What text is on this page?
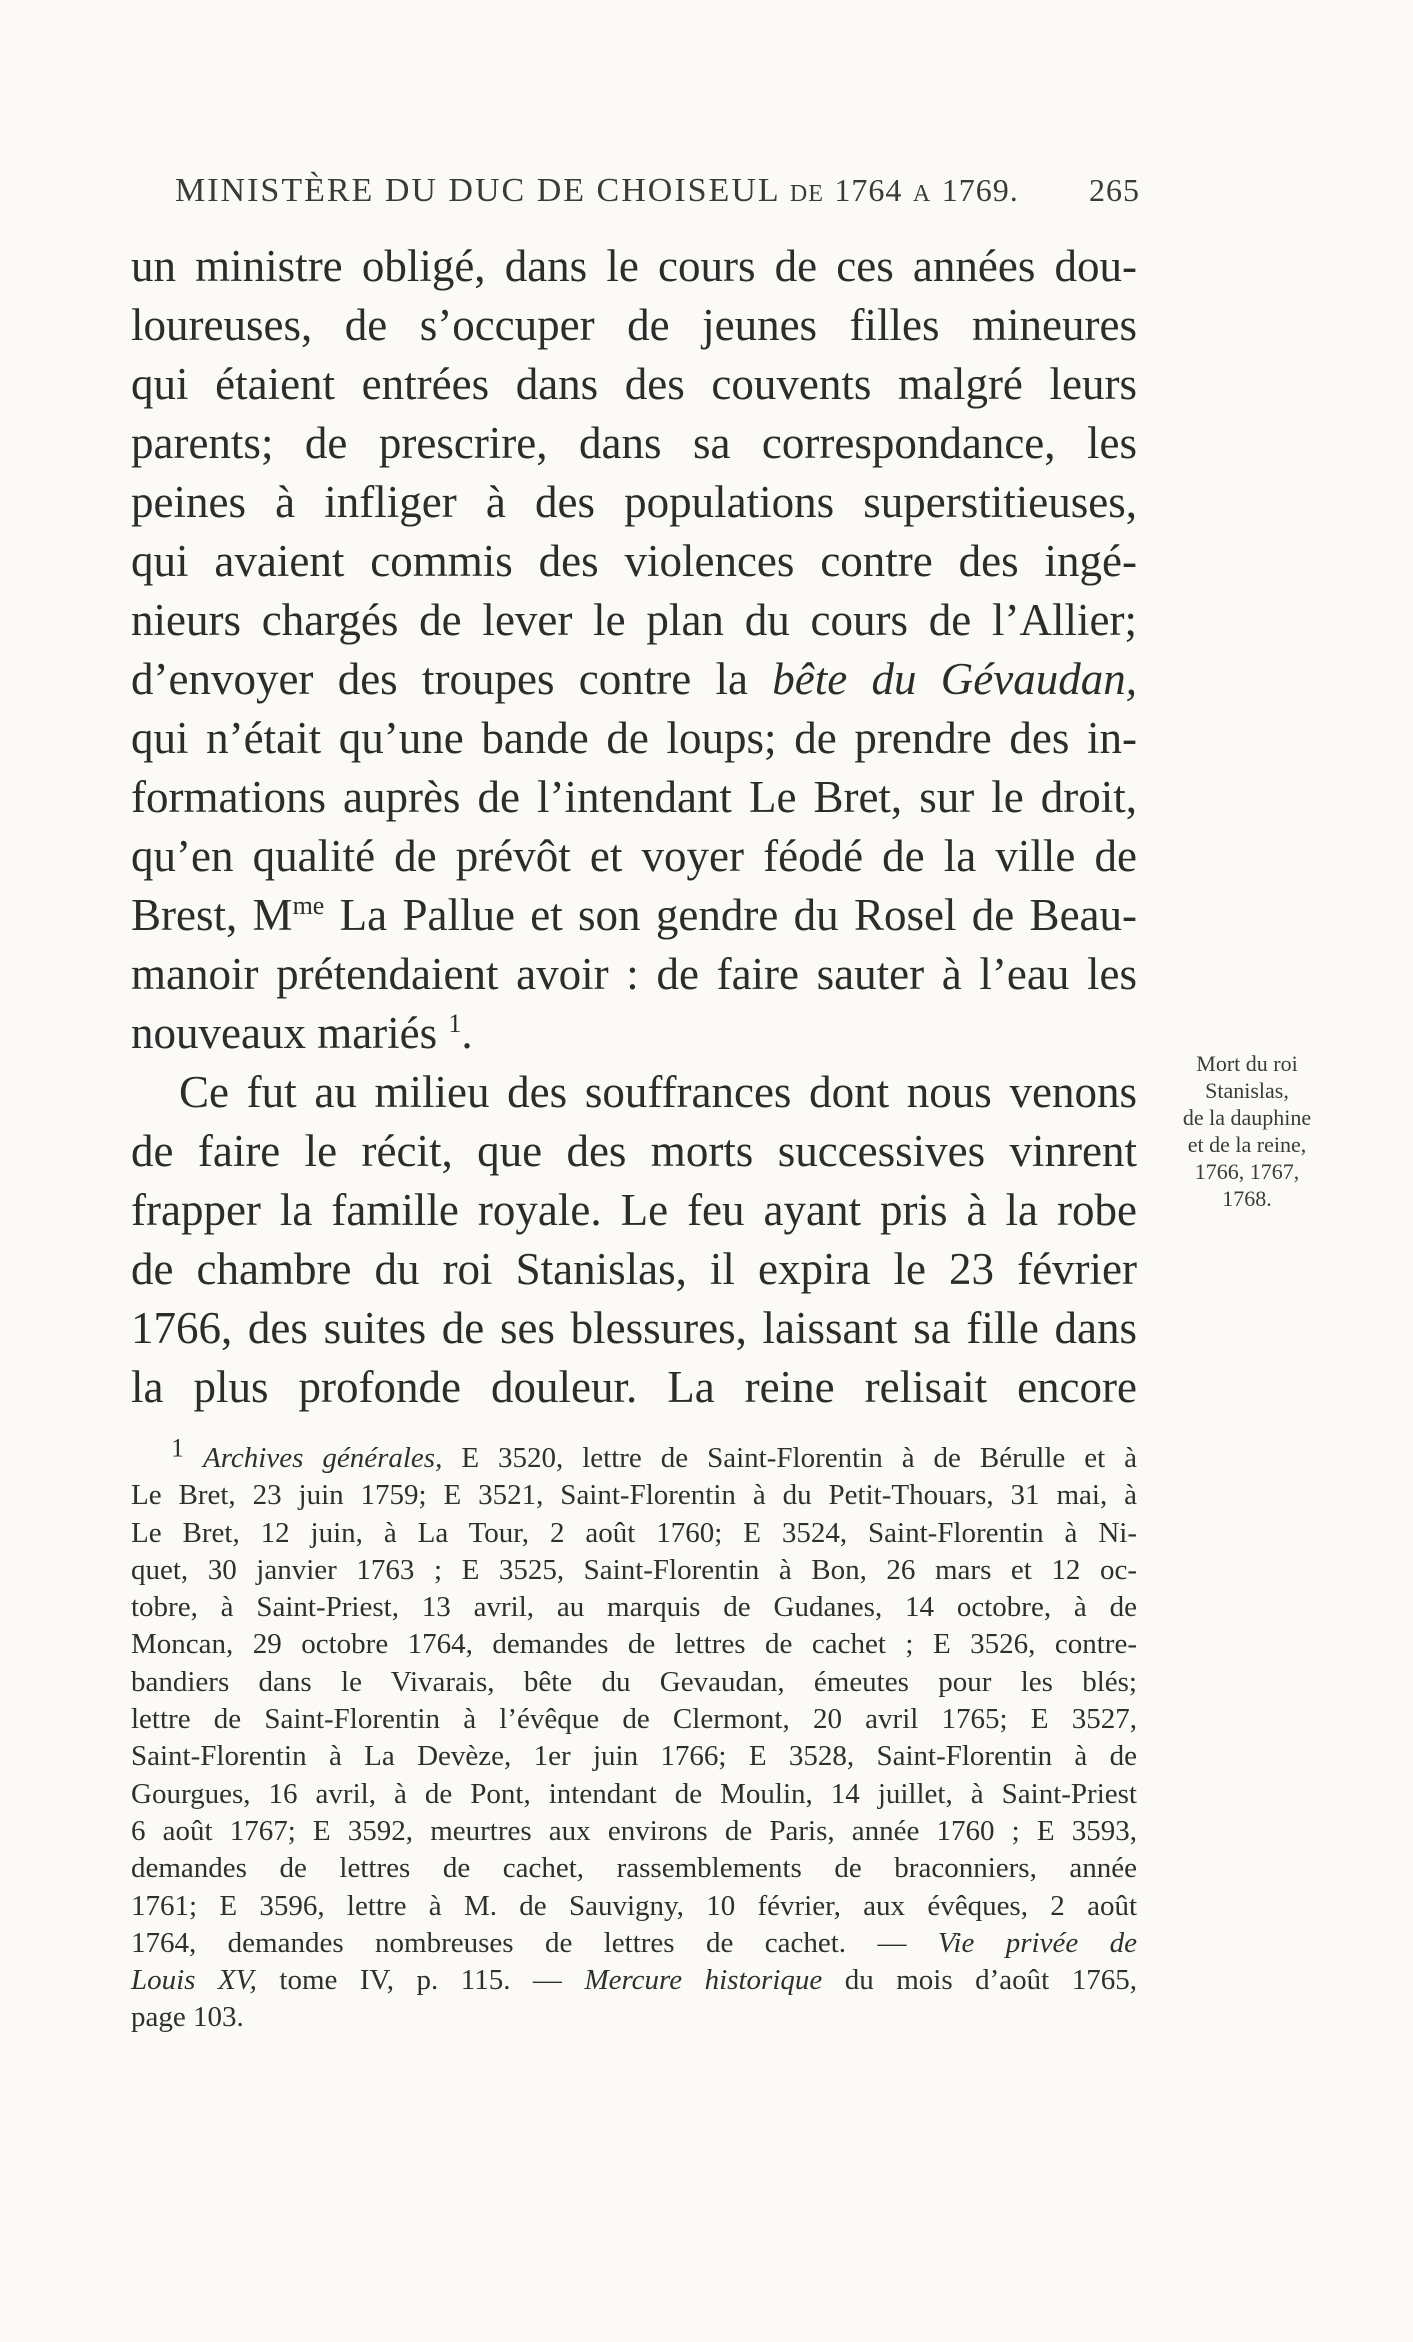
MINISTÈRE DU DUC DE CHOISEUL DE 1764 A 1769. 265
un ministre obligé, dans le cours de ces années dou-
loureuses, de s’occuper de jeunes filles mineures
qui étaient entrées dans des couvents malgré leurs
parents; de prescrire, dans sa correspondance, les
peines à infliger à des populations superstitieuses,
qui avaient commis des violences contre des ingé-
nieurs chargés de lever le plan du cours de l’Allier;
d’envoyer des troupes contre la bête du Gévaudan,
qui n’était qu’une bande de loups; de prendre des in-
formations auprès de l’intendant Le Bret, sur le droit,
qu’en qualité de prévôt et voyer féodé de la ville de
Brest, $M^{me}$ La Pallue et son gendre du Rosel de Beau-
manoir prétendaient avoir : de faire sauter à l’eau les
nouveaux mariés $^1$.
Ce fut au milieu des souffrances dont nous venons
de faire le récit, que des morts successives vinrent
frapper la famille royale. Le feu ayant pris à la robe
de chambre du roi Stanislas, il expira le 23 février
1766, des suites de ses blessures, laissant sa fille dans
la plus profonde douleur. La reine relisait encore
Mort du roi
Stanislas,
de la dauphine
et de la reine,
1766, 1767,
1768.
$^1$ Archives générales, E 3520, lettre de Saint-Florentin à de Bérulle et à
Le Bret, 23 juin 1759; E 3521, Saint-Florentin à du Petit-Thouars, 31 mai, à
Le Bret, 12 juin, à La Tour, 2 août 1760; E 3524, Saint-Florentin à Ni-
quet, 30 janvier 1763 ; E 3525, Saint-Florentin à Bon, 26 mars et 12 oc-
tobre, à Saint-Priest, 13 avril, au marquis de Gudanes, 14 octobre, à de
Moncan, 29 octobre 1764, demandes de lettres de cachet ; E 3526, contre-
bandiers dans le Vivarais, bête du Gevaudan, émeutes pour les blés;
lettre de Saint-Florentin à l’évêque de Clermont, 20 avril 1765; E 3527,
Saint-Florentin à La Devèze, 1er juin 1766; E 3528, Saint-Florentin à de
Gourgues, 16 avril, à de Pont, intendant de Moulin, 14 juillet, à Saint-Priest
6 août 1767; E 3592, meurtres aux environs de Paris, année 1760 ; E 3593,
demandes de lettres de cachet, rassemblements de braconniers, année
1761; E 3596, lettre à M. de Sauvigny, 10 février, aux évêques, 2 août
1764, demandes nombreuses de lettres de cachet. — Vie privée de
Louis XV, tome IV, p. 115. — Mercure historique du mois d’août 1765,
page 103.
